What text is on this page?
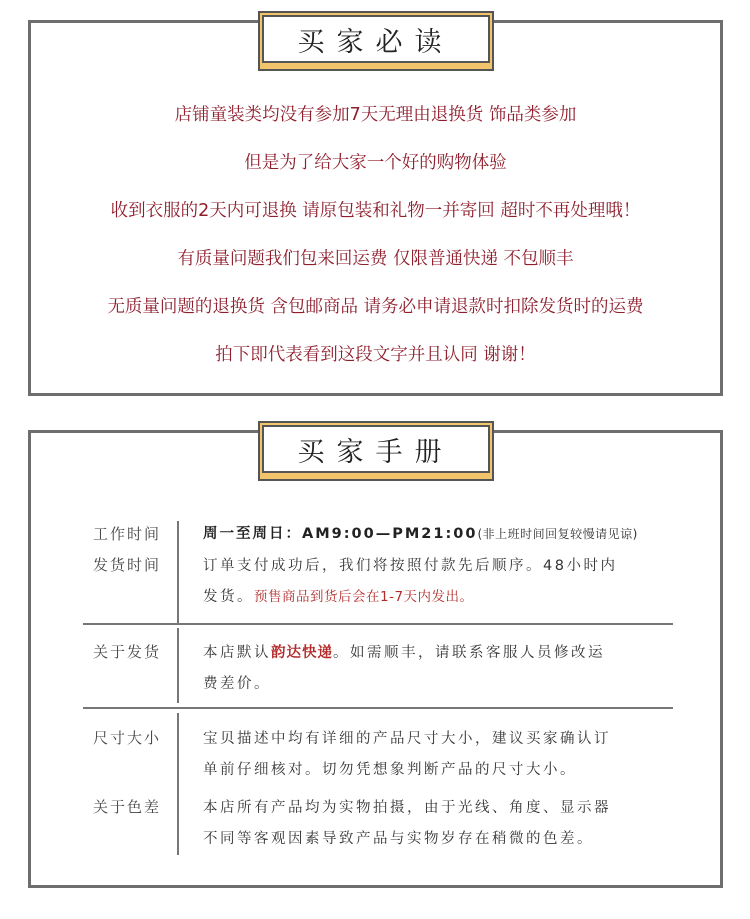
买家必读
店铺童装类均没有参加7天无理由退换货 饰品类参加
但是为了给大家一个好的购物体验
收到衣服的2天内可退换 请原包装和礼物一并寄回 超时不再处理哦！
有质量问题我们包来回运费 仅限普通快递 不包顺丰
无质量问题的退换货 含包邮商品 请务必申请退款时扣除发货时的运费
拍下即代表看到这段文字并且认同 谢谢！
买家手册
工作时间	周一至周日：AM9:00—PM21:00(非上班时间回复较慢请见谅)
发货时间	订单支付成功后，我们将按照付款先后顺序。48小时内
发货。预售商品到货后会在1-7天内发出。
关于发货	本店默认韵达快递。如需顺丰，请联系客服人员修改运
费差价。
尺寸大小	宝贝描述中均有详细的产品尺寸大小，建议买家确认订
单前仔细核对。切勿凭想象判断产品的尺寸大小。
关于色差	本店所有产品均为实物拍摄，由于光线、角度、显示器
不同等客观因素导致产品与实物岁存在稍微的色差。
